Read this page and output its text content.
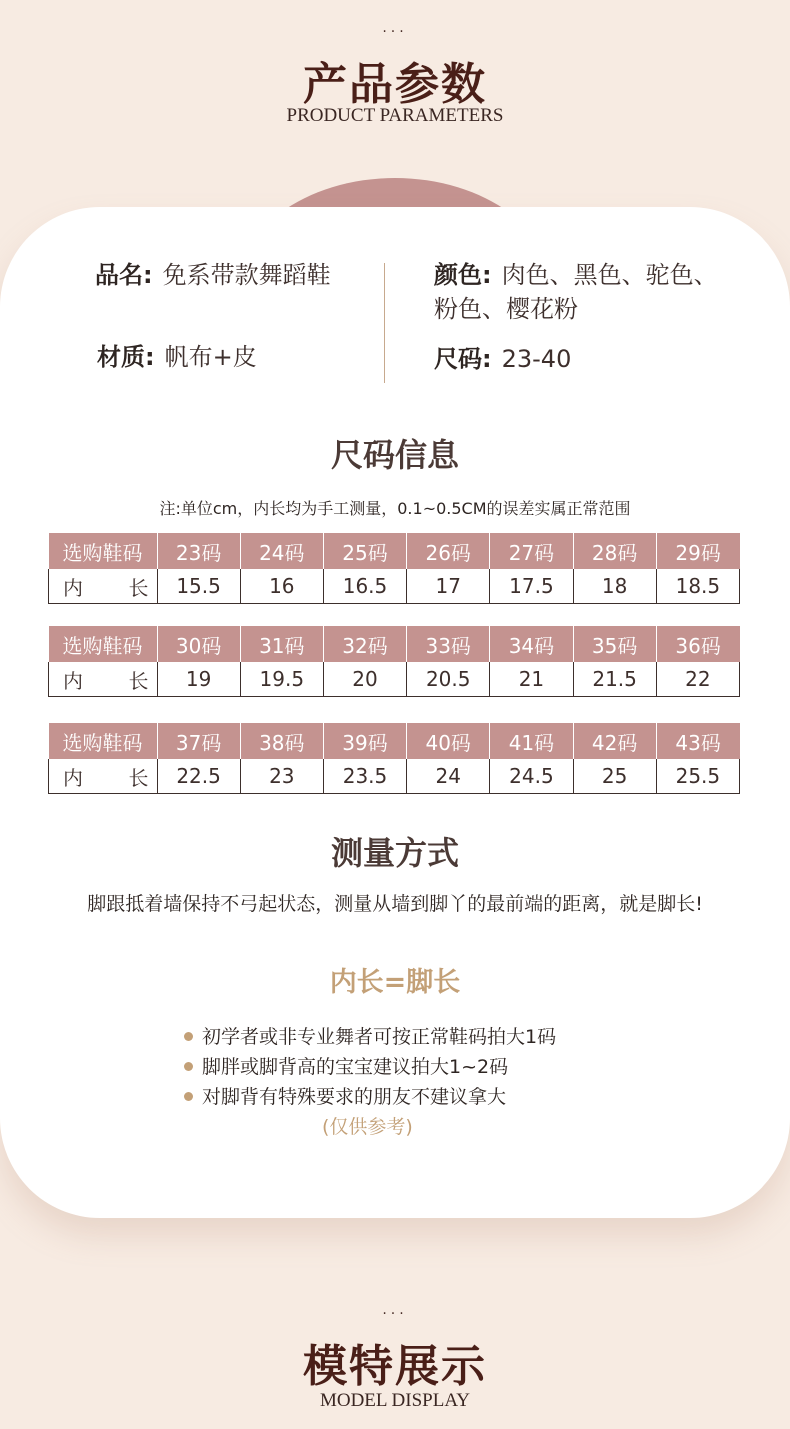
···
产品参数
PRODUCT PARAMETERS
品名: 免系带款舞蹈鞋
材质: 帆布+皮
颜色: 肉色、黑色、驼色、
粉色、樱花粉
尺码: 23-40
尺码信息
注:单位cm，内长均为手工测量，0.1~0.5CM的误差实属正常范围
选购鞋码	23码	24码	25码	26码	27码	28码	29码
内　　长	15.5	16	16.5	17	17.5	18	18.5
选购鞋码	30码	31码	32码	33码	34码	35码	36码
内　　长	19	19.5	20	20.5	21	21.5	22
选购鞋码	37码	38码	39码	40码	41码	42码	43码
内　　长	22.5	23	23.5	24	24.5	25	25.5
测量方式
脚跟抵着墙保持不弓起状态，测量从墙到脚丫的最前端的距离，就是脚长!
内长=脚长
初学者或非专业舞者可按正常鞋码拍大1码
脚胖或脚背高的宝宝建议拍大1~2码
对脚背有特殊要求的朋友不建议拿大
(仅供参考)
···
模特展示
MODEL DISPLAY
